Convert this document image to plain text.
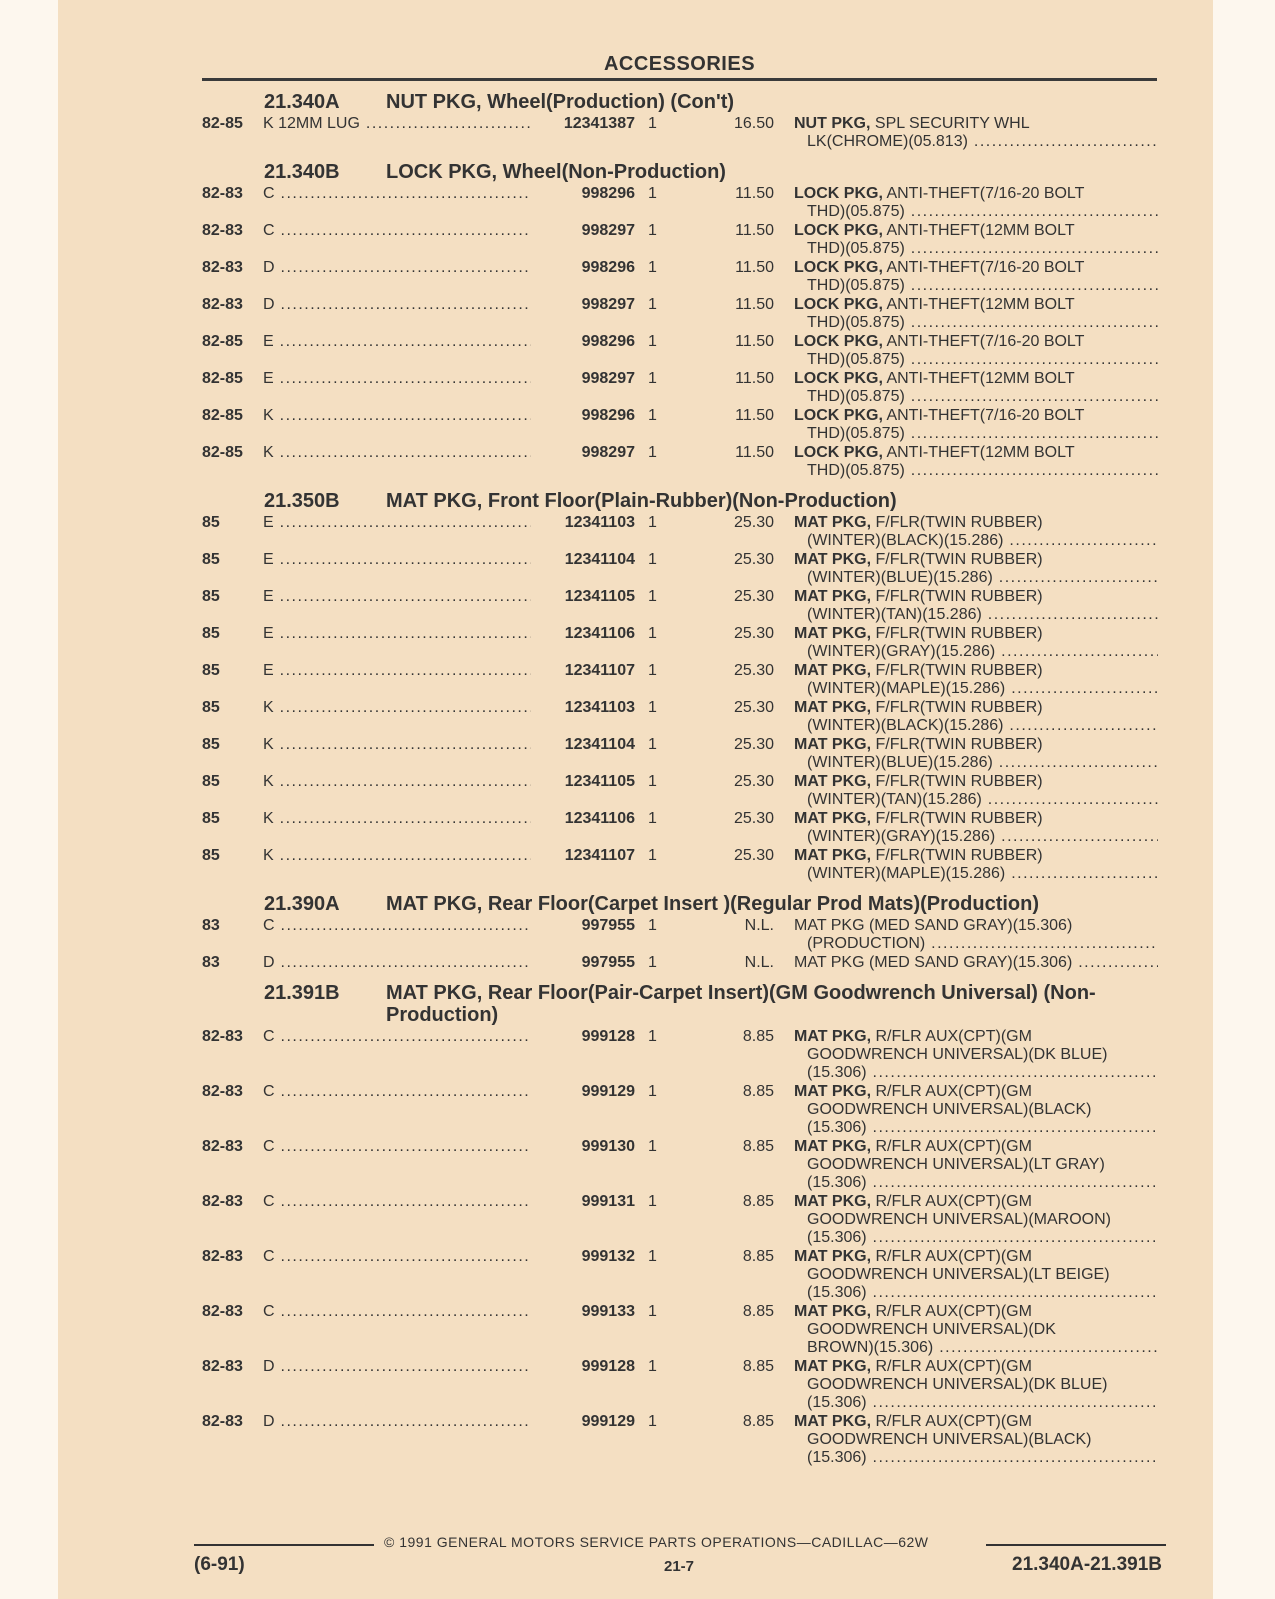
ACCESSORIES
21.340A NUT PKG, Wheel(Production) (Con't)
82-85	K 12MM LUG .....	12341387 1	16.50 NUT PKG, SPL SECURITY WHL
LK(CHROME)(05.813) .....
21.340B LOCK PKG, Wheel(Non-Production)
82-83	C .....	998296 1	11.50 LOCK PKG, ANTI-THEFT(7/16-20 BOLT
THD)(05.875) .....
82-83	C .....	998297 1	11.50 LOCK PKG, ANTI-THEFT(12MM BOLT
THD)(05.875) .....
82-83	D .....	998296 1	11.50 LOCK PKG, ANTI-THEFT(7/16-20 BOLT
THD)(05.875) .....
82-83	D .....	998297 1	11.50 LOCK PKG, ANTI-THEFT(12MM BOLT
THD)(05.875) .....
82-85	E .....	998296 1	11.50 LOCK PKG, ANTI-THEFT(7/16-20 BOLT
THD)(05.875) .....
82-85	E .....	998297 1	11.50 LOCK PKG, ANTI-THEFT(12MM BOLT
THD)(05.875) .....
82-85	K .....	998296 1	11.50 LOCK PKG, ANTI-THEFT(7/16-20 BOLT
THD)(05.875) .....
82-85	K .....	998297 1	11.50 LOCK PKG, ANTI-THEFT(12MM BOLT
THD)(05.875) .....
21.350B MAT PKG, Front Floor(Plain-Rubber)(Non-Production)
85	E .....	12341103 1	25.30 MAT PKG, F/FLR(TWIN RUBBER)
(WINTER)(BLACK)(15.286) .....
85	E .....	12341104 1	25.30 MAT PKG, F/FLR(TWIN RUBBER)
(WINTER)(BLUE)(15.286) .....
85	E .....	12341105 1	25.30 MAT PKG, F/FLR(TWIN RUBBER)
(WINTER)(TAN)(15.286) .....
85	E .....	12341106 1	25.30 MAT PKG, F/FLR(TWIN RUBBER)
(WINTER)(GRAY)(15.286) .....
85	E .....	12341107 1	25.30 MAT PKG, F/FLR(TWIN RUBBER)
(WINTER)(MAPLE)(15.286) .....
85	K .....	12341103 1	25.30 MAT PKG, F/FLR(TWIN RUBBER)
(WINTER)(BLACK)(15.286) .....
85	K .....	12341104 1	25.30 MAT PKG, F/FLR(TWIN RUBBER)
(WINTER)(BLUE)(15.286) .....
85	K .....	12341105 1	25.30 MAT PKG, F/FLR(TWIN RUBBER)
(WINTER)(TAN)(15.286) .....
85	K .....	12341106 1	25.30 MAT PKG, F/FLR(TWIN RUBBER)
(WINTER)(GRAY)(15.286) .....
85	K .....	12341107 1	25.30 MAT PKG, F/FLR(TWIN RUBBER)
(WINTER)(MAPLE)(15.286) .....
21.390A MAT PKG, Rear Floor(Carpet Insert )(Regular Prod Mats)(Production)
83	C .....	997955 1	N.L. MAT PKG (MED SAND GRAY)(15.306)
(PRODUCTION) .....
83	D .....	997955 1	N.L. MAT PKG (MED SAND GRAY)(15.306) .....
21.391B MAT PKG, Rear Floor(Pair-Carpet Insert)(GM Goodwrench Universal) (Non-Production)
82-83	C .....	999128 1	8.85 MAT PKG, R/FLR AUX(CPT)(GM
GOODWRENCH UNIVERSAL)(DK BLUE)
(15.306) .....
82-83	C .....	999129 1	8.85 MAT PKG, R/FLR AUX(CPT)(GM
GOODWRENCH UNIVERSAL)(BLACK)
(15.306) .....
82-83	C .....	999130 1	8.85 MAT PKG, R/FLR AUX(CPT)(GM
GOODWRENCH UNIVERSAL)(LT GRAY)
(15.306) .....
82-83	C .....	999131 1	8.85 MAT PKG, R/FLR AUX(CPT)(GM
GOODWRENCH UNIVERSAL)(MAROON)
(15.306) .....
82-83	C .....	999132 1	8.85 MAT PKG, R/FLR AUX(CPT)(GM
GOODWRENCH UNIVERSAL)(LT BEIGE)
(15.306) .....
82-83	C .....	999133 1	8.85 MAT PKG, R/FLR AUX(CPT)(GM
GOODWRENCH UNIVERSAL)(DK
BROWN)(15.306) .....
82-83	D .....	999128 1	8.85 MAT PKG, R/FLR AUX(CPT)(GM
GOODWRENCH UNIVERSAL)(DK BLUE)
(15.306) .....
82-83	D .....	999129 1	8.85 MAT PKG, R/FLR AUX(CPT)(GM
GOODWRENCH UNIVERSAL)(BLACK)
(15.306) .....
© 1991 GENERAL MOTORS SERVICE PARTS OPERATIONS—CADILLAC—62W
(6-91)	21-7	21.340A-21.391B
